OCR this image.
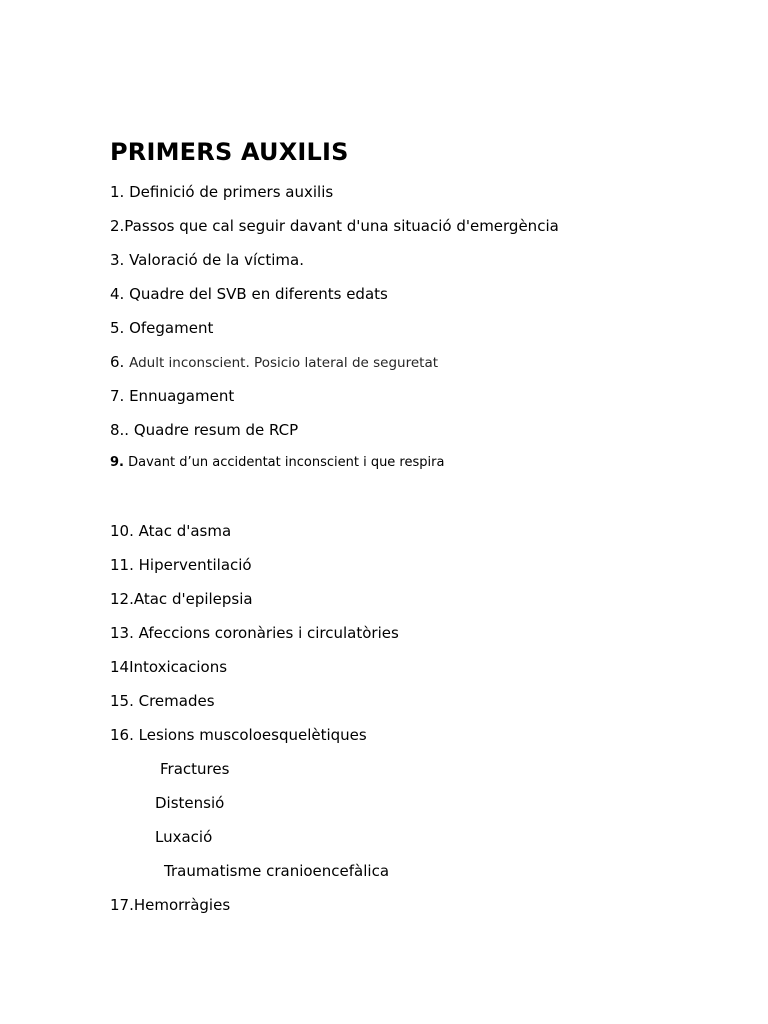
PRIMERS AUXILIS
1. Definició de primers auxilis
2.Passos que cal seguir davant d'una situació d'emergència
3. Valoració de la víctima.
4. Quadre del SVB en diferents edats
5. Ofegament
6. Adult inconscient. Posicio lateral de seguretat
7. Ennuagament
8.. Quadre resum de RCP
9. Davant d’un accidentat inconscient i que respira
10. Atac d'asma
11. Hiperventilació
12.Atac d'epilepsia
13. Afeccions coronàries i circulatòries
14Intoxicacions
15. Cremades
16. Lesions muscoloesquelètiques
Fractures
Distensió
Luxació
Traumatisme cranioencefàlica
17.Hemorràgies
